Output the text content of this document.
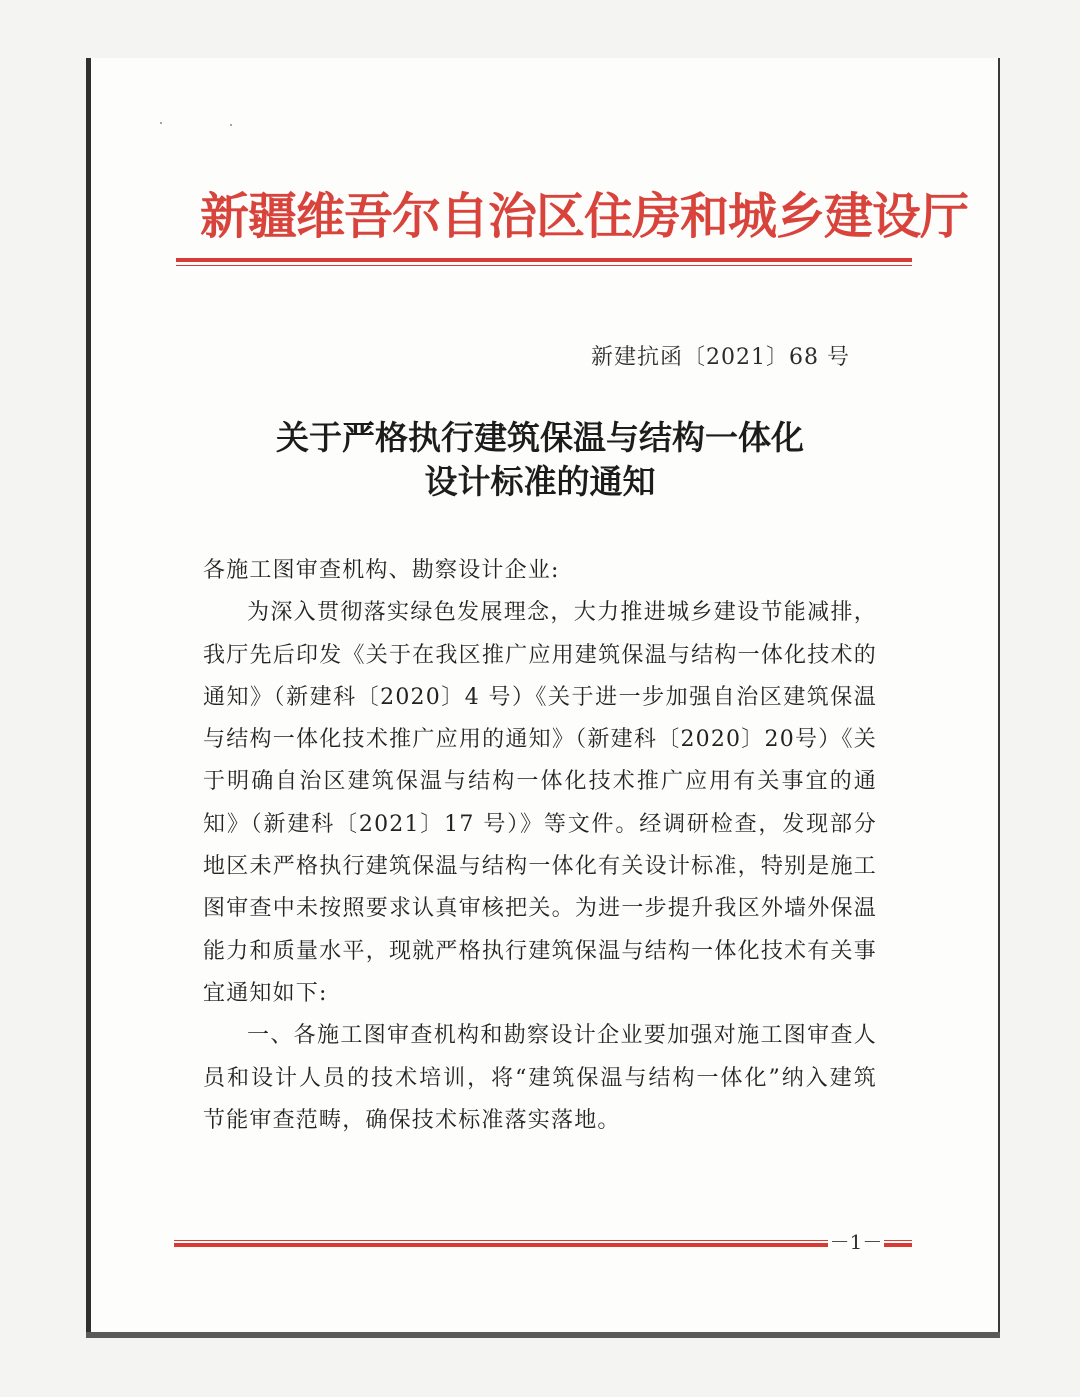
新疆维吾尔自治区住房和城乡建设厅
新建抗函〔2021〕68 号
关于严格执行建筑保温与结构一体化
设计标准的通知

各施工图审查机构、勘察设计企业:

为深入贯彻落实绿色发展理念，大力推进城乡建设节能减排，我厅先后印发《关于在我区推广应用建筑保温与结构一体化技术的通知》（新建科〔2020〕4 号）《关于进一步加强自治区建筑保温与结构一体化技术推广应用的通知》（新建科〔2020〕20号）《关于明确自治区建筑保温与结构一体化技术推广应用有关事宜的通知》（新建科〔2021〕17 号）》等文件。经调研检查，发现部分地区未严格执行建筑保温与结构一体化有关设计标准，特别是施工图审查中未按照要求认真审核把关。为进一步提升我区外墙外保温能力和质量水平，现就严格执行建筑保温与结构一体化技术有关事宜通知如下:

一、各施工图审查机构和勘察设计企业要加强对施工图审查人员和设计人员的技术培训，将“建筑保温与结构一体化”纳入建筑节能审查范畴，确保技术标准落实落地。

－1－
